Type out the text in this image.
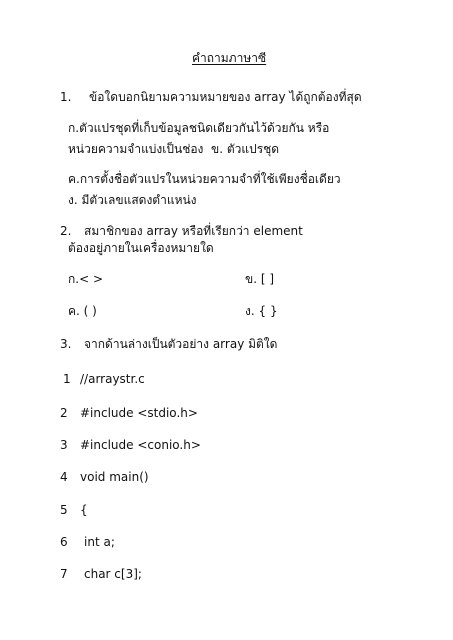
คำถามภาษาซี
1. ข้อใดบอกนิยามความหมายของ array ได้ถูกต้องที่สุด
ก.ตัวแปรชุดที่เก็บข้อมูลชนิดเดียวกันไว้ด้วยกัน หรือ
หน่วยความจำแบ่งเป็นช่อง ข. ตัวแปรชุด
ค.การตั้งชื่อตัวแปรในหน่วยความจำที่ใช้เพียงชื่อเดียว
ง. มีตัวเลขแสดงตำแหน่ง
2. สมาชิกของ array หรือที่เรียกว่า element
ต้องอยู่ภายในเครื่องหมายใด
ก.< >	ข. [ ]
ค. ( )	ง. { }
3. จากด้านล่างเป็นตัวอย่าง array มิติใด
1 //arraystr.c
2 #include <stdio.h>
3 #include <conio.h>
4 void main()
5 {
6 int a;
7 char c[3];
